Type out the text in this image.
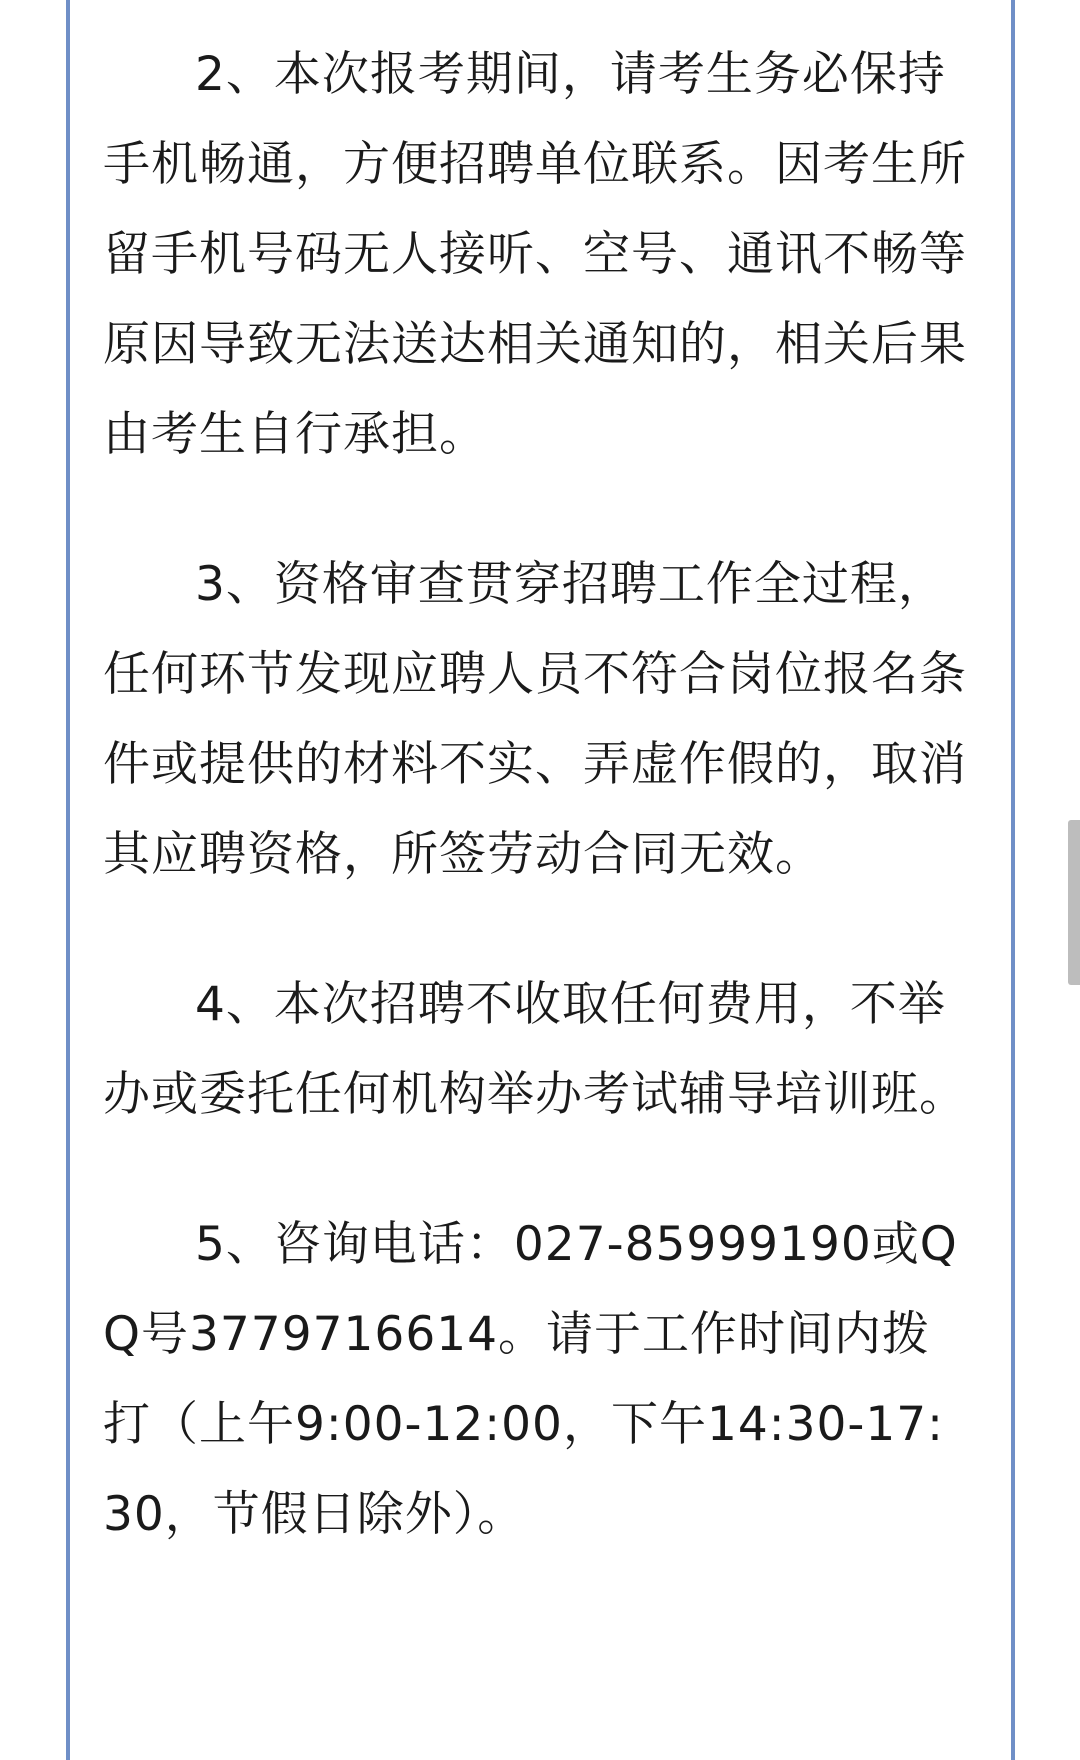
2、本次报考期间，请考生务必保持手机畅通，方便招聘单位联系。因考生所留手机号码无人接听、空号、通讯不畅等原因导致无法送达相关通知的，相关后果由考生自行承担。

3、资格审查贯穿招聘工作全过程，任何环节发现应聘人员不符合岗位报名条件或提供的材料不实、弄虚作假的，取消其应聘资格，所签劳动合同无效。

4、本次招聘不收取任何费用，不举办或委托任何机构举办考试辅导培训班。

5、咨询电话：027-85999190或QQ号3779716614。请于工作时间内拨打（上午9:00-12:00，下午14:30-17:30，节假日除外）。
